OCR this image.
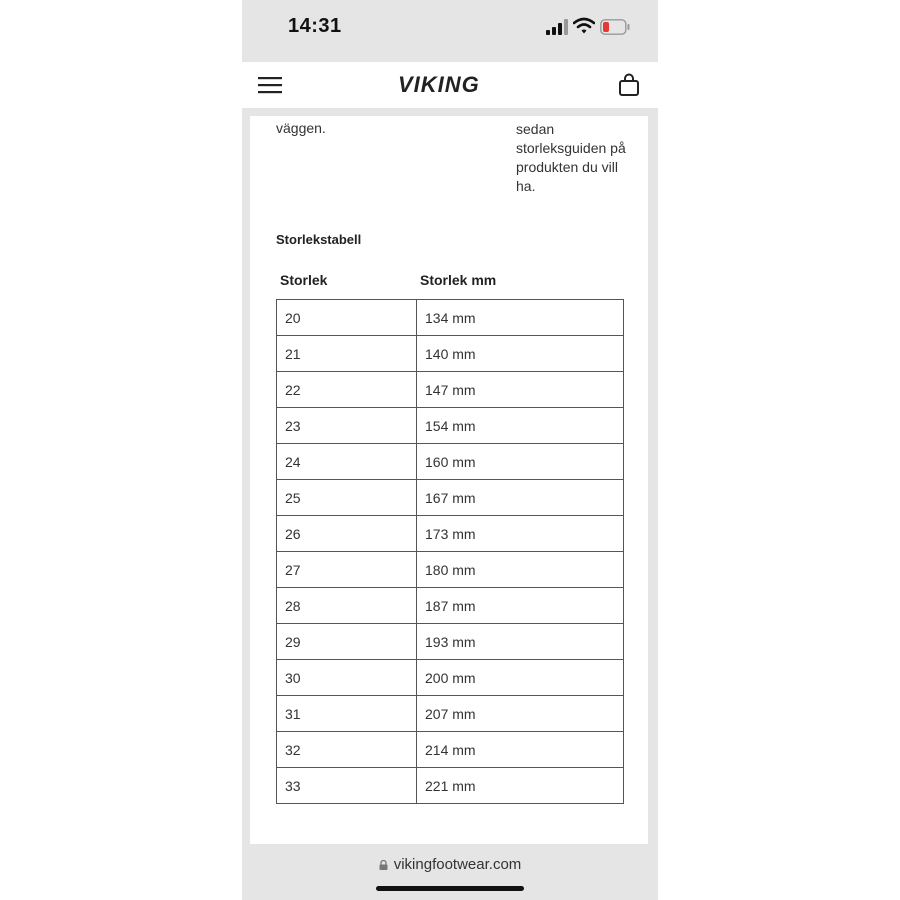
14:31
VIKING
väggen.	sedan
storleksguiden på
produkten du vill
ha.
Storlekstabell
Storlek	Storlek mm
20	134 mm
21	140 mm
22	147 mm
23	154 mm
24	160 mm
25	167 mm
26	173 mm
27	180 mm
28	187 mm
29	193 mm
30	200 mm
31	207 mm
32	214 mm
33	221 mm
vikingfootwear.com
